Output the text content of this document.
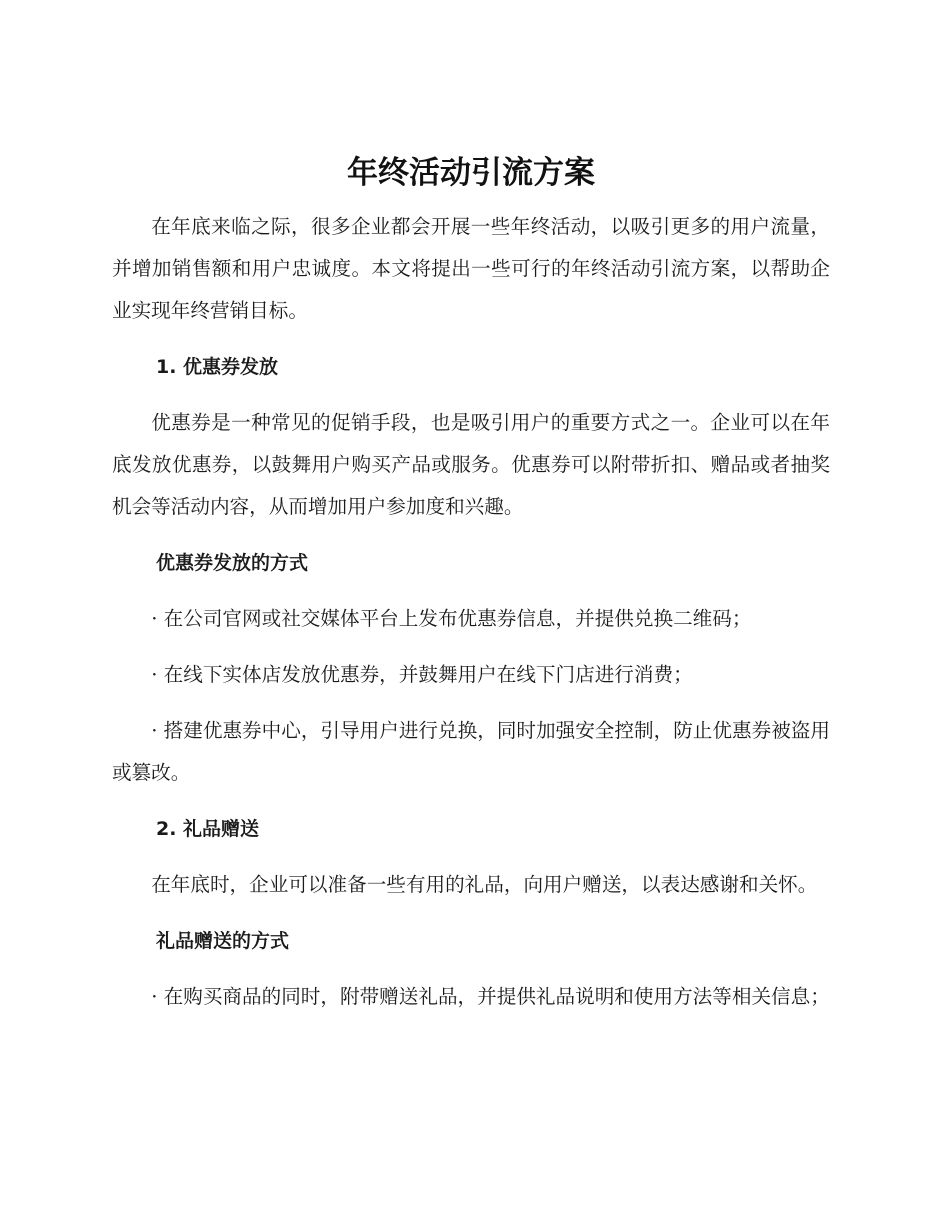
年终活动引流方案

在年底来临之际，很多企业都会开展一些年终活动，以吸引更多的用户流量，并增加销售额和用户忠诚度。本文将提出一些可行的年终活动引流方案，以帮助企业实现年终营销目标。

1. 优惠券发放

优惠券是一种常见的促销手段，也是吸引用户的重要方式之一。企业可以在年底发放优惠券，以鼓舞用户购买产品或服务。优惠券可以附带折扣、赠品或者抽奖机会等活动内容，从而增加用户参加度和兴趣。

优惠券发放的方式

· 在公司官网或社交媒体平台上发布优惠券信息，并提供兑换二维码；

· 在线下实体店发放优惠券，并鼓舞用户在线下门店进行消费；

· 搭建优惠券中心，引导用户进行兑换，同时加强安全控制，防止优惠券被盗用或篡改。

2. 礼品赠送

在年底时，企业可以准备一些有用的礼品，向用户赠送，以表达感谢和关怀。

礼品赠送的方式

· 在购买商品的同时，附带赠送礼品，并提供礼品说明和使用方法等相关信息；
